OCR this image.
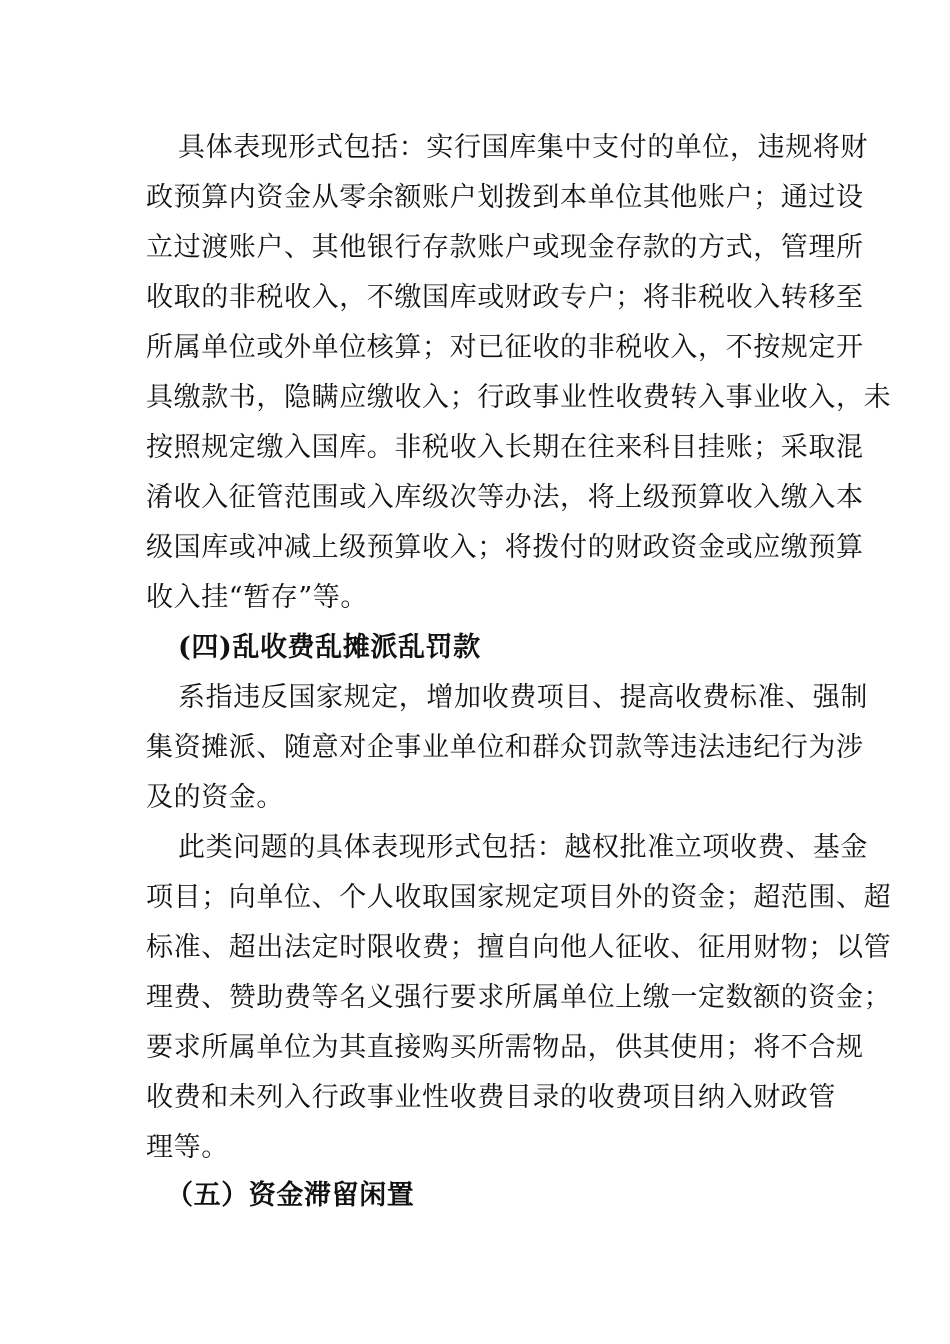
具体表现形式包括：实行国库集中支付的单位，违规将财
政预算内资金从零余额账户划拨到本单位其他账户；通过设
立过渡账户、其他银行存款账户或现金存款的方式，管理所
收取的非税收入，不缴国库或财政专户；将非税收入转移至
所属单位或外单位核算；对已征收的非税收入，不按规定开
具缴款书，隐瞒应缴收入；行政事业性收费转入事业收入，未
按照规定缴入国库。非税收入长期在往来科目挂账；采取混
淆收入征管范围或入库级次等办法，将上级预算收入缴入本
级国库或冲减上级预算收入；将拨付的财政资金或应缴预算
收入挂“暂存”等。
(四)乱收费乱摊派乱罚款
系指违反国家规定，增加收费项目、提高收费标准、强制
集资摊派、随意对企事业单位和群众罚款等违法违纪行为涉
及的资金。
此类问题的具体表现形式包括：越权批准立项收费、基金
项目；向单位、个人收取国家规定项目外的资金；超范围、超
标准、超出法定时限收费；擅自向他人征收、征用财物；以管
理费、赞助费等名义强行要求所属单位上缴一定数额的资金；
要求所属单位为其直接购买所需物品，供其使用；将不合规
收费和未列入行政事业性收费目录的收费项目纳入财政管
理等。
（五）资金滞留闲置
